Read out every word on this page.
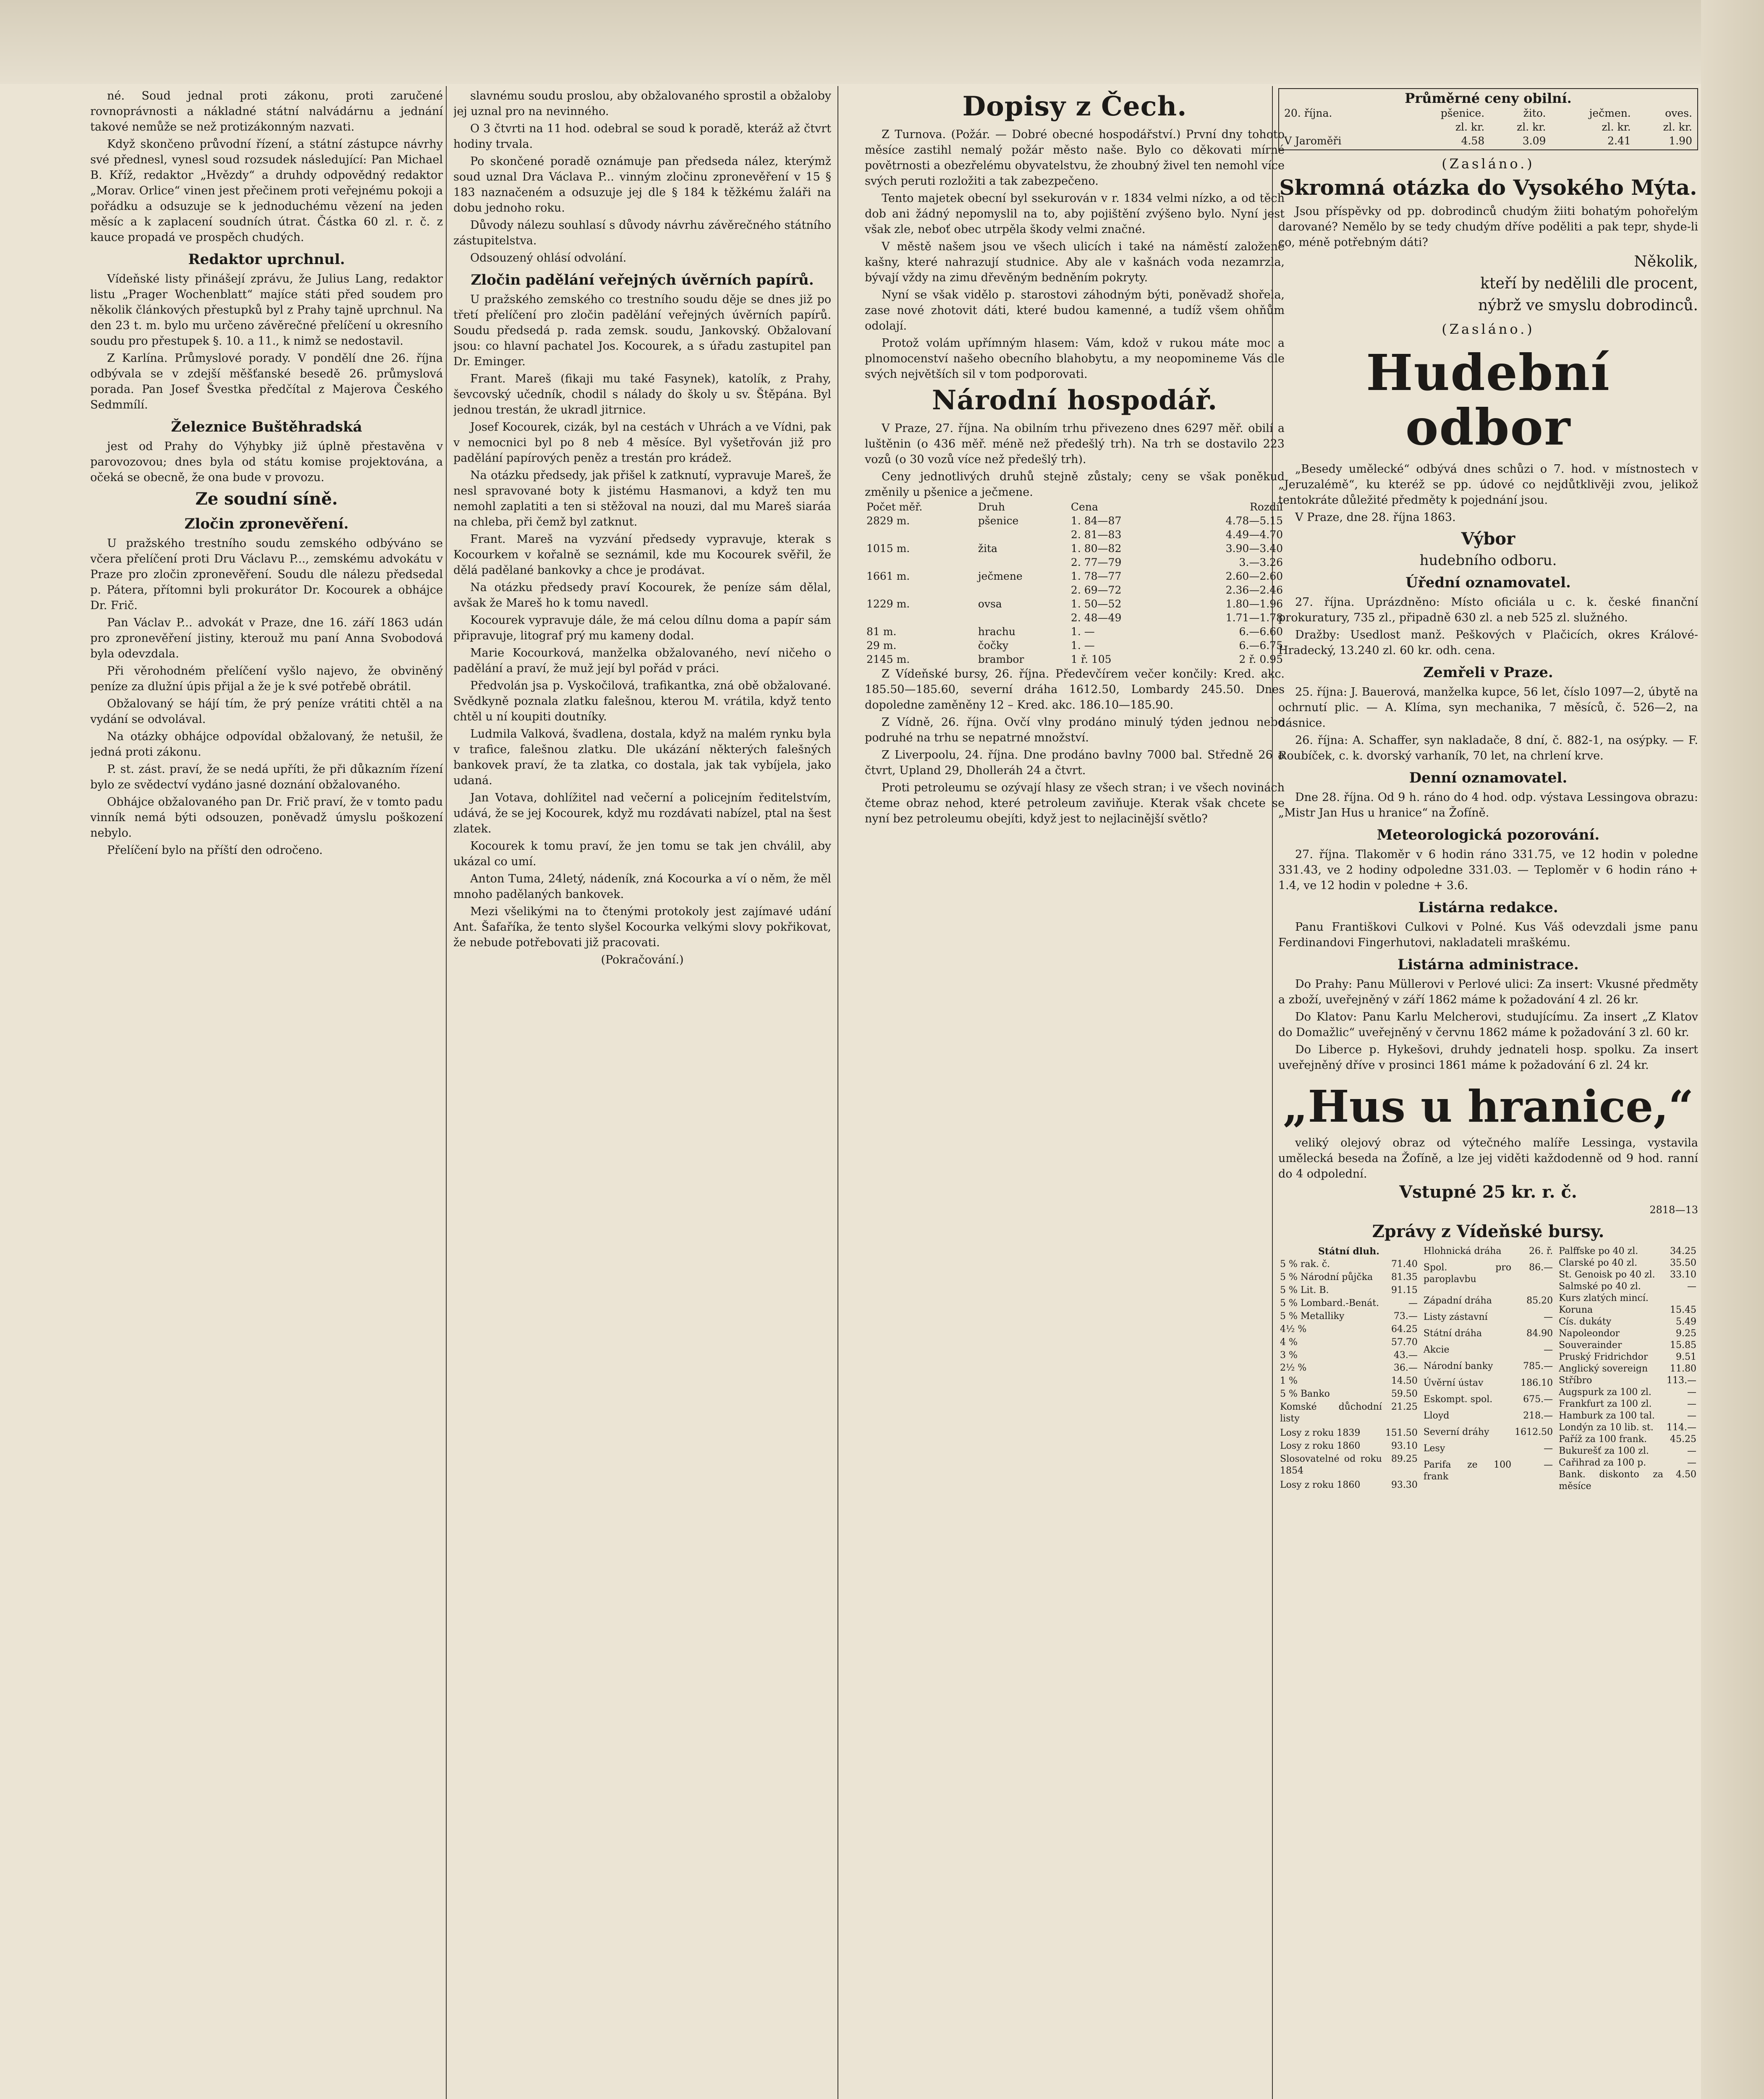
né. Soud jednal proti zákonu, proti zaručené rovnoprávnosti a nákladné státní nalvádárnu a jednání takové nemůže se než protizákonným nazvati.

Když skončeno průvodní řízení, a státní zástupce návrhy své přednesl, vynesl soud rozsudek následující: Pan Michael B. Kříž, redaktor „Hvězdy“ a druhdy odpovědný redaktor „Morav. Orlice“ vinen jest přečinem proti veřejnému pokoji a pořádku a odsuzuje se k jednoduchému vězení na jeden měsíc a k zaplacení soudních útrat. Částka 60 zl. r. č. z kauce propadá ve prospěch chudých.

Redaktor uprchnul.

Vídeňské listy přinášejí zprávu, že Julius Lang, redaktor listu „Prager Wochenblatt“ majíce státi před soudem pro několik článkových přestupků byl z Prahy tajně uprchnul. Na den 23 t. m. bylo mu určeno závěrečné přelíčení u okresního soudu pro přestupek §. 10. a 11., k nimž se nedostavil.

Z Karlína. Průmyslové porady. V pondělí dne 26. října odbývala se v zdejší měšťanské besedě 26. průmyslová porada. Pan Josef Švestka předčítal z Majerova Českého Sedmmílí.

Železnice Buštěhradská

jest od Prahy do Výhybky již úplně přestavěna v parovozovou; dnes byla od státu komise projektována, a očeká se obecně, že ona bude v provozu.

Ze soudní síně.
Zločin zpronevěření.

U pražského trestního soudu zemského odbýváno se včera přelíčení proti Dru Václavu P..., zemskému advokátu v Praze pro zločin zpronevěření. Soudu dle nálezu předsedal p. Pátera, přítomni byli prokurátor Dr. Kocourek a obhájce Dr. Frič.

Pan Václav P... advokát v Praze, dne 16. září 1863 udán pro zpronevěření jistiny, kterouž mu paní Anna Svobodová byla odevzdala.

Při věrohodném přelíčení vyšlo najevo, že obviněný peníze za dlužní úpis přijal a že je k své potřebě obrátil.

Obžalovaný se hájí tím, že prý peníze vrátiti chtěl a na vydání se odvolával.

Na otázky obhájce odpovídal obžalovaný, že netušil, že jedná proti zákonu.

P. st. zást. praví, že se nedá upříti, že při důkazním řízení bylo ze svědectví vydáno jasné doznání obžalovaného.

Obhájce obžalovaného pan Dr. Frič praví, že v tomto padu vinník nemá býti odsouzen, poněvadž úmyslu poškození nebylo.

Přelíčení bylo na příští den odročeno.

slavnému soudu proslou, aby obžalovaného sprostil a obžaloby jej uznal pro na nevinného.

O 3 čtvrti na 11 hod. odebral se soud k poradě, kteráž až čtvrt hodiny trvala.

Po skončené poradě oznámuje pan předseda nález, kterýmž soud uznal Dra Václava P... vinným zločinu zpronevěření v 15 § 183 naznačeném a odsuzuje jej dle § 184 k těžkému žaláři na dobu jednoho roku.

Důvody nálezu souhlasí s důvody návrhu závěrečného státního zástupitelstva.

Odsouzený ohlásí odvolání.

Zločin padělání veřejných úvěrních papírů.

U pražského zemského co trestního soudu děje se dnes již po třetí přelíčení pro zločin padělání veřejných úvěrních papírů. Soudu předsedá p. rada zemsk. soudu, Jankovský. Obžalovaní jsou: co hlavní pachatel Jos. Kocourek, a s úřadu zastupitel pan Dr. Eminger.

Frant. Mareš (fikaji mu také Fasynek), katolík, z Prahy, ševcovský učedník, chodil s nálady do školy u sv. Štěpána. Byl jednou trestán, že ukradl jitrnice.

Josef Kocourek, cizák, byl na cestách v Uhrách a ve Vídni, pak v nemocnici byl po 8 neb 4 měsíce. Byl vyšetřován již pro padělání papírových peněz a trestán pro krádež.

Na otázku předsedy, jak přišel k zatknutí, vypravuje Mareš, že nesl spravované boty k jistému Hasmanovi, a když ten mu nemohl zaplatiti a ten si stěžoval na nouzi, dal mu Mareš siaráa na chleba, při čemž byl zatknut.

Frant. Mareš na vyzvání předsedy vypravuje, kterak s Kocourkem v kořalně se seznámil, kde mu Kocourek svěřil, že dělá padělané bankovky a chce je prodávat.

Na otázku předsedy praví Kocourek, že peníze sám dělal, avšak že Mareš ho k tomu navedl.

Kocourek vypravuje dále, že má celou dílnu doma a papír sám připravuje, litograf prý mu kameny dodal.

Marie Kocourková, manželka obžalovaného, neví ničeho o padělání a praví, že muž její byl pořád v práci.

Předvolán jsa p. Vyskočilová, trafikantka, zná obě obžalované. Svědkyně poznala zlatku falešnou, kterou M. vrátila, když tento chtěl u ní koupiti doutníky.

Ludmila Valková, švadlena, dostala, když na malém rynku byla v trafice, falešnou zlatku. Dle ukázání některých falešných bankovek praví, že ta zlatka, co dostala, jak tak vybíjela, jako udaná.

Jan Votava, dohlížitel nad večerní a policejním ředitelstvím, udává, že se jej Kocourek, když mu rozdávati nabízel, ptal na šest zlatek.

Kocourek k tomu praví, že jen tomu se tak jen chválil, aby ukázal co umí.

Anton Tuma, 24letý, nádeník, zná Kocourka a ví o něm, že měl mnoho padělaných bankovek.

Mezi všelikými na to čtenými protokoly jest zajímavé udání Ant. Šafaříka, že tento slyšel Kocourka velkými slovy pokřikovat, že nebude potřebovati již pracovati.

(Pokračování.)

Dopisy z Čech.

Z Turnova. (Požár. — Dobré obecné hospodářství.) První dny tohoto měsíce zastihl nemalý požár město naše. Bylo co děkovati mírné povětrnosti a obezřelému obyvatelstvu, že zhoubný živel ten nemohl více svých peruti rozložiti a tak zabezpečeno.

Tento majetek obecní byl ssekurován v r. 1834 velmi nízko, a od těch dob ani žádný nepomyslil na to, aby pojištění zvýšeno bylo. Nyní jest však zle, neboť obec utrpěla škody velmi značné.

V městě našem jsou ve všech ulicích i také na náměstí založené kašny, které nahrazují studnice. Aby ale v kašnách voda nezamrzla, bývají vždy na zimu dřevěným bedněním pokryty.

Nyní se však vidělo p. starostovi záhodným býti, poněvadž shořela, zase nové zhotovit dáti, které budou kamenné, a tudíž všem ohňům odolají.

Protož volám upřímným hlasem: Vám, kdož v rukou máte moc a plnomocenství našeho obecního blahobytu, a my neopomineme Vás dle svých největších sil v tom podporovati.

Národní hospodář.

V Praze, 27. října. Na obilním trhu přivezeno dnes 6297 měř. obilí a luštěnin (o 436 měř. méně než předešlý trh). Na trh se dostavilo 223 vozů (o 30 vozů více než předešlý trh).

Ceny jednotlivých druhů stejně zůstaly; ceny se však poněkud změnily u pšenice a ječmene.

Počet měř.	Druh	Cena	Rozdíl
2829 m.	pšenice	1. 84—87	4.78—5.15
		2. 81—83	4.49—4.70
1015 m.	žita	1. 80—82	3.90—3.40
		2. 77—79	3.—3.26
1661 m.	ječmene	1. 78—77	2.60—2.60
		2. 69—72	2.36—2.46
1229 m.	ovsa	1. 50—52	1.80—1.96
		2. 48—49	1.71—1.78
81 m.	hrachu	1. —	6.—6.60
29 m.	čočky	1. —	6.—6.75
2145 m.	brambor	1 ř. 105	2 ř. 0.95

Z Vídeňské bursy, 26. října. Předevčírem večer končily: Kred. akc. 185.50—185.60, severní dráha 1612.50, Lombardy 245.50. Dnes dopoledne zaměněny 12 – Kred. akc. 186.10—185.90.

Z Vídně, 26. října. Ovčí vlny prodáno minulý týden jednou nebo podruhé na trhu se nepatrné množství.

Z Liverpoolu, 24. října. Dne prodáno bavlny 7000 bal. Středně 26 a čtvrt, Upland 29, Dholleráh 24 a čtvrt.

Proti petroleumu se ozývají hlasy ze všech stran; i ve všech novinách čteme obraz nehod, které petroleum zaviňuje. Kterak však chcete se nyní bez petroleumu obejíti, když jest to nejlacinější světlo?

Průměrné ceny obilní.
20. října.	pšenice.	žito.	ječmen.	oves.
	zl. kr.	zl. kr.	zl. kr.	zl. kr.
V Jaroměři	4.58	3.09	2.41	1.90
(Zasláno.)
Skromná otázka do Vysokého Mýta.

Jsou příspěvky od pp. dobrodinců chudým žiiti bohatým pohořelým darované? Nemělo by se tedy chudým dříve poděliti a pak tepr, shyde-li co, méně potřebným dáti?

Několik,

kteří by nedělili dle procent,

nýbrž ve smyslu dobrodinců.

(Zasláno.)
Hudební odbor

„Besedy umělecké“ odbývá dnes schůzi o 7. hod. v místnostech v „Jeruzalémě“, ku kteréž se pp. údové co nejdůtklivěji zvou, jelikož tentokráte důležité předměty k pojednání jsou.

V Praze, dne 28. října 1863.

Výbor
hudebního odboru.
Úřední oznamovatel.

27. října. Uprázdněno: Místo oficiála u c. k. české finanční prokuratury, 735 zl., připadně 630 zl. a neb 525 zl. služného.

Dražby: Usedlost manž. Peškových v Plačicích, okres Králové-Hradecký, 13.240 zl. 60 kr. odh. cena.

Zemřeli v Praze.

25. října: J. Bauerová, manželka kupce, 56 let, číslo 1097—2, úbytě na ochrnutí plic. — A. Klíma, syn mechanika, 7 měsíců, č. 526—2, na dásnice.

26. října: A. Schaffer, syn nakladače, 8 dní, č. 882-1, na osýpky. — F. Roubíček, c. k. dvorský varhaník, 70 let, na chrlení krve.

Denní oznamovatel.

Dne 28. října. Od 9 h. ráno do 4 hod. odp. výstava Lessingova obrazu: „Mistr Jan Hus u hranice“ na Žofíně.

Meteorologická pozorování.

27. října. Tlakoměr v 6 hodin ráno 331.75, ve 12 hodin v poledne 331.43, ve 2 hodiny odpoledne 331.03. — Teploměr v 6 hodin ráno + 1.4, ve 12 hodin v poledne + 3.6.

Listárna redakce.

Panu Františkovi Culkovi v Polné. Kus Váš odevzdali jsme panu Ferdinandovi Fingerhutovi, nakladateli mraškému.

Listárna administrace.

Do Prahy: Panu Müllerovi v Perlové ulici: Za insert: Vkusné předměty a zboží, uveřejněný v září 1862 máme k požadování 4 zl. 26 kr.

Do Klatov: Panu Karlu Melcherovi, studujícímu. Za insert „Z Klatov do Domažlic“ uveřejněný v červnu 1862 máme k požadování 3 zl. 60 kr.

Do Liberce p. Hykešovi, druhdy jednateli hosp. spolku. Za insert uveřejněný dříve v prosinci 1861 máme k požadování 6 zl. 24 kr.

„Hus u hranice,“

veliký olejový obraz od výtečného malíře Lessinga, vystavila umělecká beseda na Žofíně, a lze jej viděti každodenně od 9 hod. ranní do 4 odpolední.

Vstupné 25 kr. r. č.
2818—13
Zprávy z Vídeňské bursy.
Státní dluh.	
5 % rak. č.	71.40
5 % Národní půjčka	81.35
5 % Lit. B.	91.15
5 % Lombard.-Benát.	—
5 % Metalliky	73.—
4½ %	64.25
4 %	57.70
3 %	43.—
2½ %	36.—
1 %	14.50
5 % Banko	59.50
Komské důchodní listy	21.25
Losy z roku 1839	151.50
Losy z roku 1860	93.10
Slosovatelné od roku 1854	89.25
Losy z roku 1860	93.30
Hlohnická dráha	26. ř.
Spol. pro paroplavbu	86.—
Západní dráha	85.20
Listy zástavní	—
Státní dráha	84.90
Akcie	—
Národní banky	785.—
Úvěrní ústav	186.10
Eskompt. spol.	675.—
Lloyd	218.—
Severní dráhy	1612.50
Lesy	—
Parifa ze 100 frank	—
Palffske po 40 zl.	34.25
Clarské po 40 zl.	35.50
St. Genoisk po 40 zl.	33.10
Salmské po 40 zl.	—
Kurs zlatých mincí.	
Koruna	15.45
Cís. dukáty	5.49
Napoleondor	9.25
Souverainder	15.85
Pruský Fridrichdor	9.51
Anglický sovereign	11.80
Stříbro	113.—
Augspurk za 100 zl.	—
Frankfurt za 100 zl.	—
Hamburk za 100 tal.	—
Londýn za 10 lib. st.	114.—
Paříž za 100 frank.	45.25
Bukurešť za 100 zl.	—
Cařihrad za 100 p.	—
Bank. diskonto za měsíce	4.50
